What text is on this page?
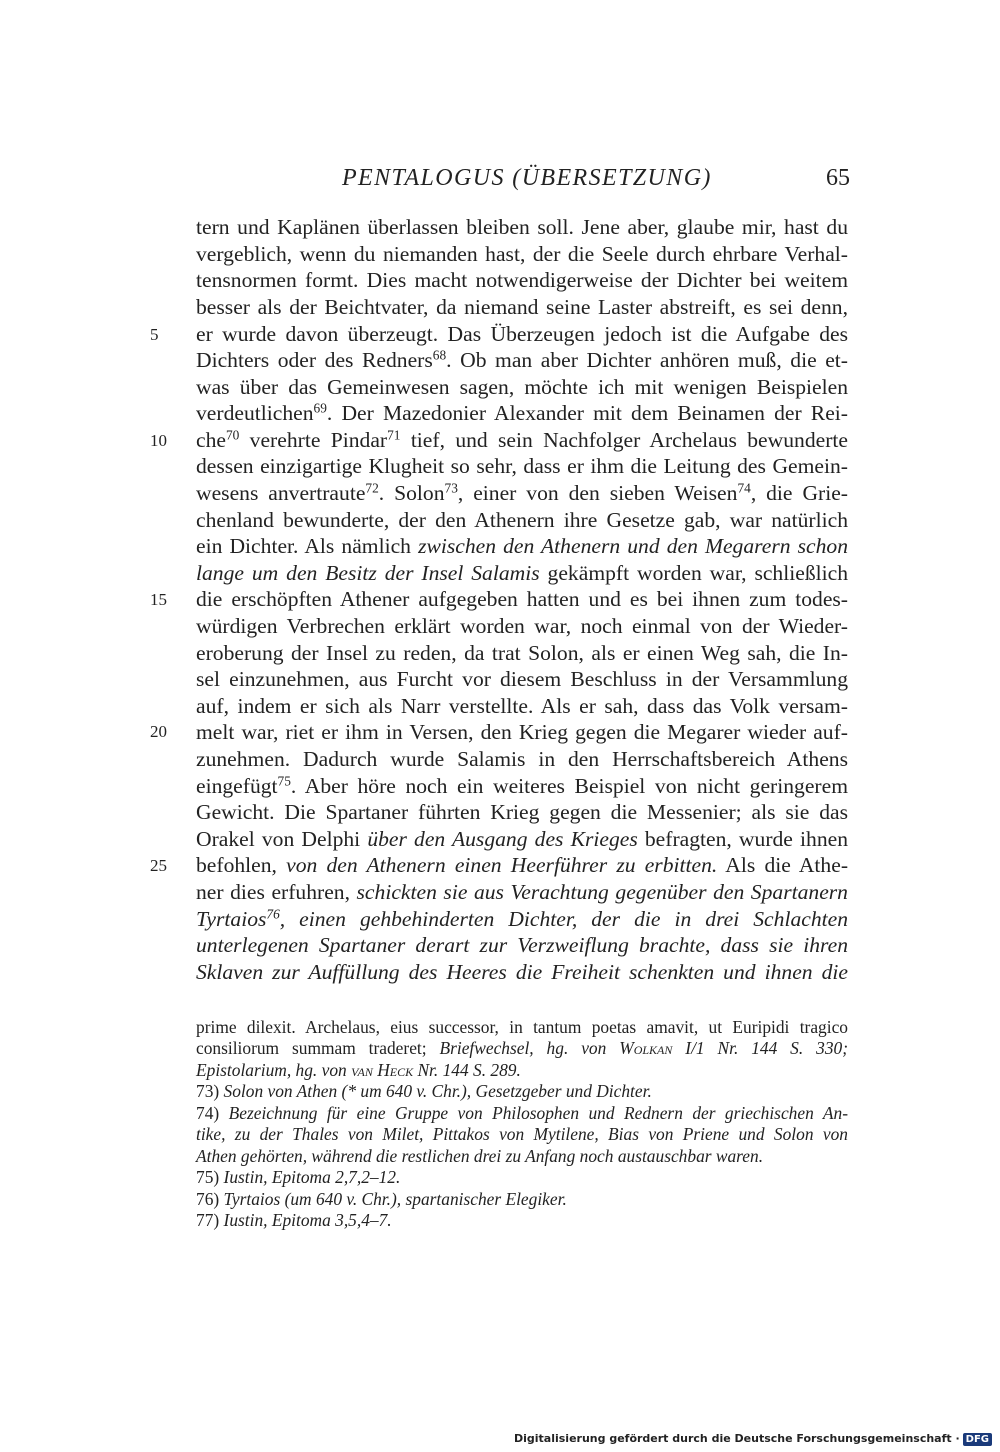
PENTALOGUS (ÜBERSETZUNG)	65
5
10
15
20
25
tern und Kaplänen überlassen bleiben soll. Jene aber, glaube mir, hast du
vergeblich, wenn du niemanden hast, der die Seele durch ehrbare Verhal-
tensnormen formt. Dies macht notwendigerweise der Dichter bei weitem
besser als der Beichtvater, da niemand seine Laster abstreift, es sei denn,
er wurde davon überzeugt. Das Überzeugen jedoch ist die Aufgabe des
Dichters oder des Redners$^{68}$. Ob man aber Dichter anhören muß, die et-
was über das Gemeinwesen sagen, möchte ich mit wenigen Beispielen
verdeutlichen$^{69}$. Der Mazedonier Alexander mit dem Beinamen der Rei-
che$^{70}$ verehrte Pindar$^{71}$ tief, und sein Nachfolger Archelaus bewunderte
dessen einzigartige Klugheit so sehr, dass er ihm die Leitung des Gemein-
wesens anvertraute$^{72}$. Solon$^{73}$, einer von den sieben Weisen$^{74}$, die Grie-
chenland bewunderte, der den Athenern ihre Gesetze gab, war natürlich
ein Dichter. Als nämlich zwischen den Athenern und den Megarern schon
lange um den Besitz der Insel Salamis gekämpft worden war, schließlich
die erschöpften Athener aufgegeben hatten und es bei ihnen zum todes-
würdigen Verbrechen erklärt worden war, noch einmal von der Wieder-
eroberung der Insel zu reden, da trat Solon, als er einen Weg sah, die In-
sel einzunehmen, aus Furcht vor diesem Beschluss in der Versammlung
auf, indem er sich als Narr verstellte. Als er sah, dass das Volk versam-
melt war, riet er ihm in Versen, den Krieg gegen die Megarer wieder auf-
zunehmen. Dadurch wurde Salamis in den Herrschaftsbereich Athens
eingefügt$^{75}$. Aber höre noch ein weiteres Beispiel von nicht geringerem
Gewicht. Die Spartaner führten Krieg gegen die Messenier; als sie das
Orakel von Delphi über den Ausgang des Krieges befragten, wurde ihnen
befohlen, von den Athenern einen Heerführer zu erbitten. Als die Athe-
ner dies erfuhren, schickten sie aus Verachtung gegenüber den Spartanern
Tyrtaios$^{76}$, einen gehbehinderten Dichter, der die in drei Schlachten
unterlegenen Spartaner derart zur Verzweiflung brachte, dass sie ihren
Sklaven zur Auffüllung des Heeres die Freiheit schenkten und ihnen die
prime dilexit. Archelaus, eius successor, in tantum poetas amavit, ut Euripidi tragico
consiliorum summam traderet; Briefwechsel, hg. von Wolkan I/1 Nr. 144 S. 330;
Epistolarium, hg. von van Heck Nr. 144 S. 289.
73) Solon von Athen (* um 640 v. Chr.), Gesetzgeber und Dichter.
74) Bezeichnung für eine Gruppe von Philosophen und Rednern der griechischen An-
tike, zu der Thales von Milet, Pittakos von Mytilene, Bias von Priene und Solon von
Athen gehörten, während die restlichen drei zu Anfang noch austauschbar waren.
75) Iustin, Epitoma 2,7,2–12.
76) Tyrtaios (um 640 v. Chr.), spartanischer Elegiker.
77) Iustin, Epitoma 3,5,4–7.
Digitalisierung gefördert durch die Deutsche Forschungsgemeinschaft · DFG
